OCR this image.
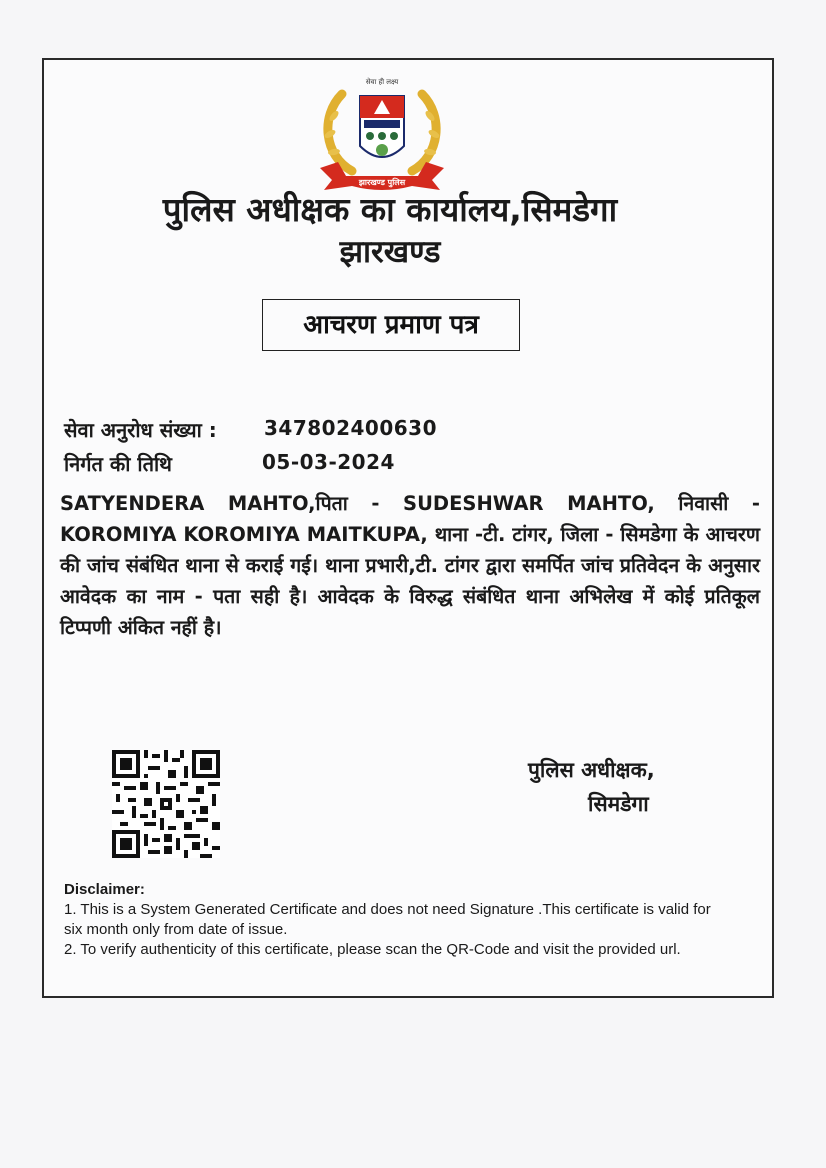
सेवा ही लक्ष्य
झारखण्ड पुलिस
पुलिस अधीक्षक का कार्यालय,सिमडेगा
झारखण्ड
आचरण प्रमाण पत्र
सेवा अनुरोध संख्या : 347802400630
निर्गत की तिथि	05-03-2024
SATYENDERA MAHTO,पिता - SUDESHWAR MAHTO, निवासी - KOROMIYA KOROMIYA MAITKUPA, थाना -टी. टांगर, जिला - सिमडेगा के आचरण की जांच संबंधित थाना से कराई गई। थाना प्रभारी,टी. टांगर द्वारा समर्पित जांच प्रतिवेदन के अनुसार आवेदक का नाम - पता सही है। आवेदक के विरुद्ध संबंधित थाना अभिलेख में कोई प्रतिकूल टिप्पणी अंकित नहीं है।
पुलिस अधीक्षक,
सिमडेगा

Disclaimer:

1. This is a System Generated Certificate and does not need Signature .This certificate is valid for six month only from date of issue.

2. To verify authenticity of this certificate, please scan the QR-Code and visit the provided url.
